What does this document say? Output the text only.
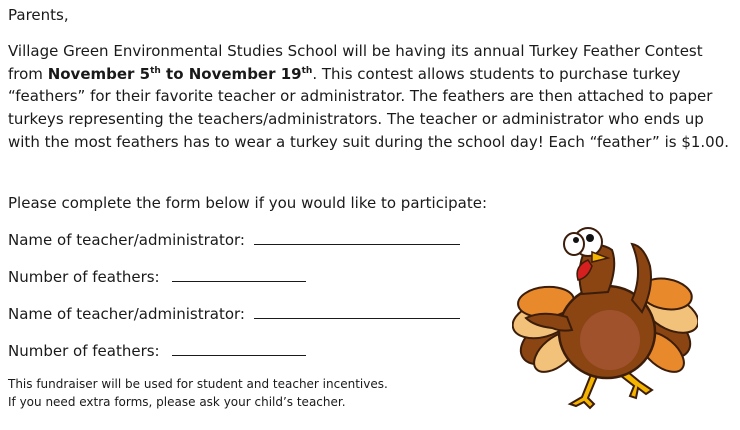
Parents,

Village Green Environmental Studies School will be having its annual Turkey Feather Contest from November 5th to November 19th. This contest allows students to purchase turkey “feathers” for their favorite teacher or administrator. The feathers are then attached to paper turkeys representing the teachers/administrators. The teacher or administrator who ends up with the most feathers has to wear a turkey suit during the school day! Each “feather” is $1.00.

Please complete the form below if you would like to participate:
Name of teacher/administrator:
Number of feathers:
Name of teacher/administrator:
Number of feathers:
This fundraiser will be used for student and teacher incentives.
If you need extra forms, please ask your child’s teacher.
